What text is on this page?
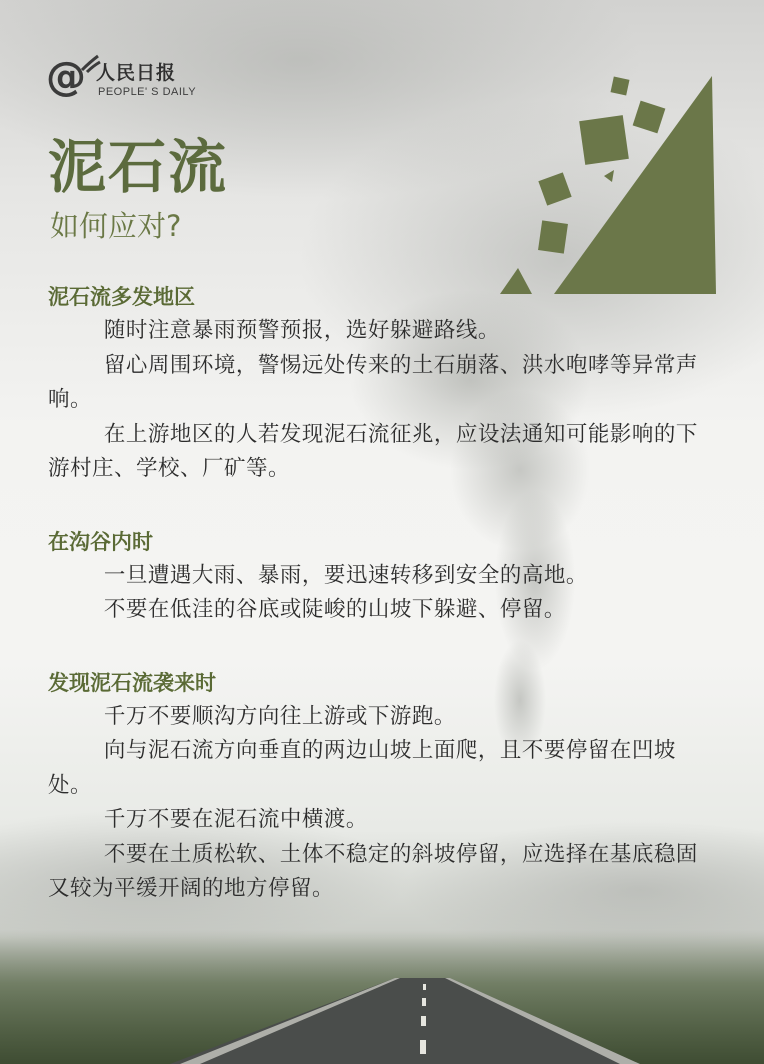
@ 人民日报
PEOPLE' S DAILY
泥石流
如何应对?

泥石流多发地区

随时注意暴雨预警预报，选好躲避路线。

留心周围环境，警惕远处传来的土石崩落、洪水咆哮等异常声响。

在上游地区的人若发现泥石流征兆，应设法通知可能影响的下游村庄、学校、厂矿等。

在沟谷内时

一旦遭遇大雨、暴雨，要迅速转移到安全的高地。

不要在低洼的谷底或陡峻的山坡下躲避、停留。

发现泥石流袭来时

千万不要顺沟方向往上游或下游跑。

向与泥石流方向垂直的两边山坡上面爬，且不要停留在凹坡处。

千万不要在泥石流中横渡。

不要在土质松软、土体不稳定的斜坡停留，应选择在基底稳固又较为平缓开阔的地方停留。
